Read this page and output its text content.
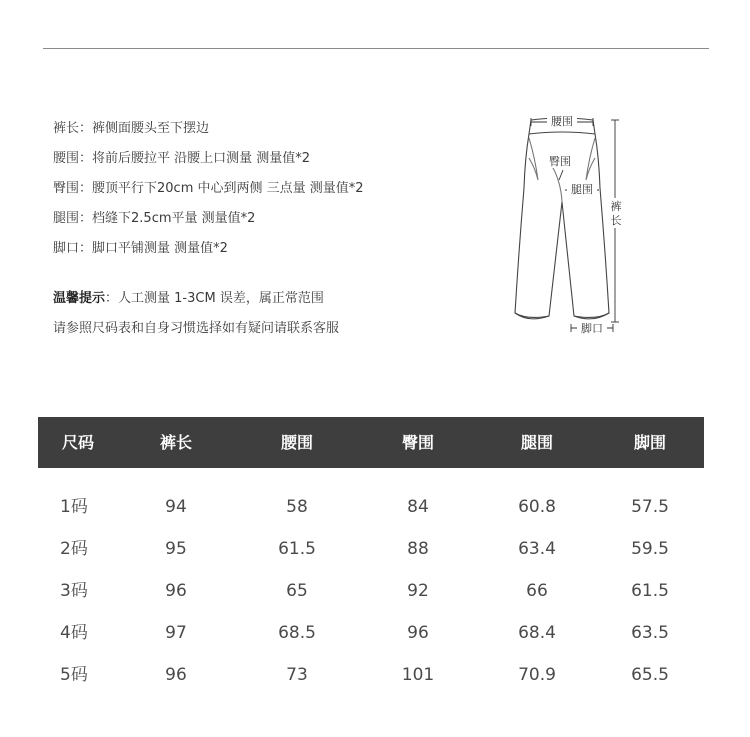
裤长：裤侧面腰头至下摆边
腰围：将前后腰拉平 沿腰上口测量 测量值*2
臀围：腰顶平行下20cm 中心到两侧 三点量 测量值*2
腿围：档缝下2.5cm平量 测量值*2
脚口：脚口平铺测量 测量值*2
温馨提示：人工测量 1-3CM 误差，属正常范围
请参照尺码表和自身习惯选择如有疑问请联系客服
腰围
臀围
腿围
裤
长
脚口
尺码	裤长	腰围	臀围	腿围	脚围
1码	94	58	84	60.8	57.5
2码	95	61.5	88	63.4	59.5
3码	96	65	92	66	61.5
4码	97	68.5	96	68.4	63.5
5码	96	73	101	70.9	65.5
